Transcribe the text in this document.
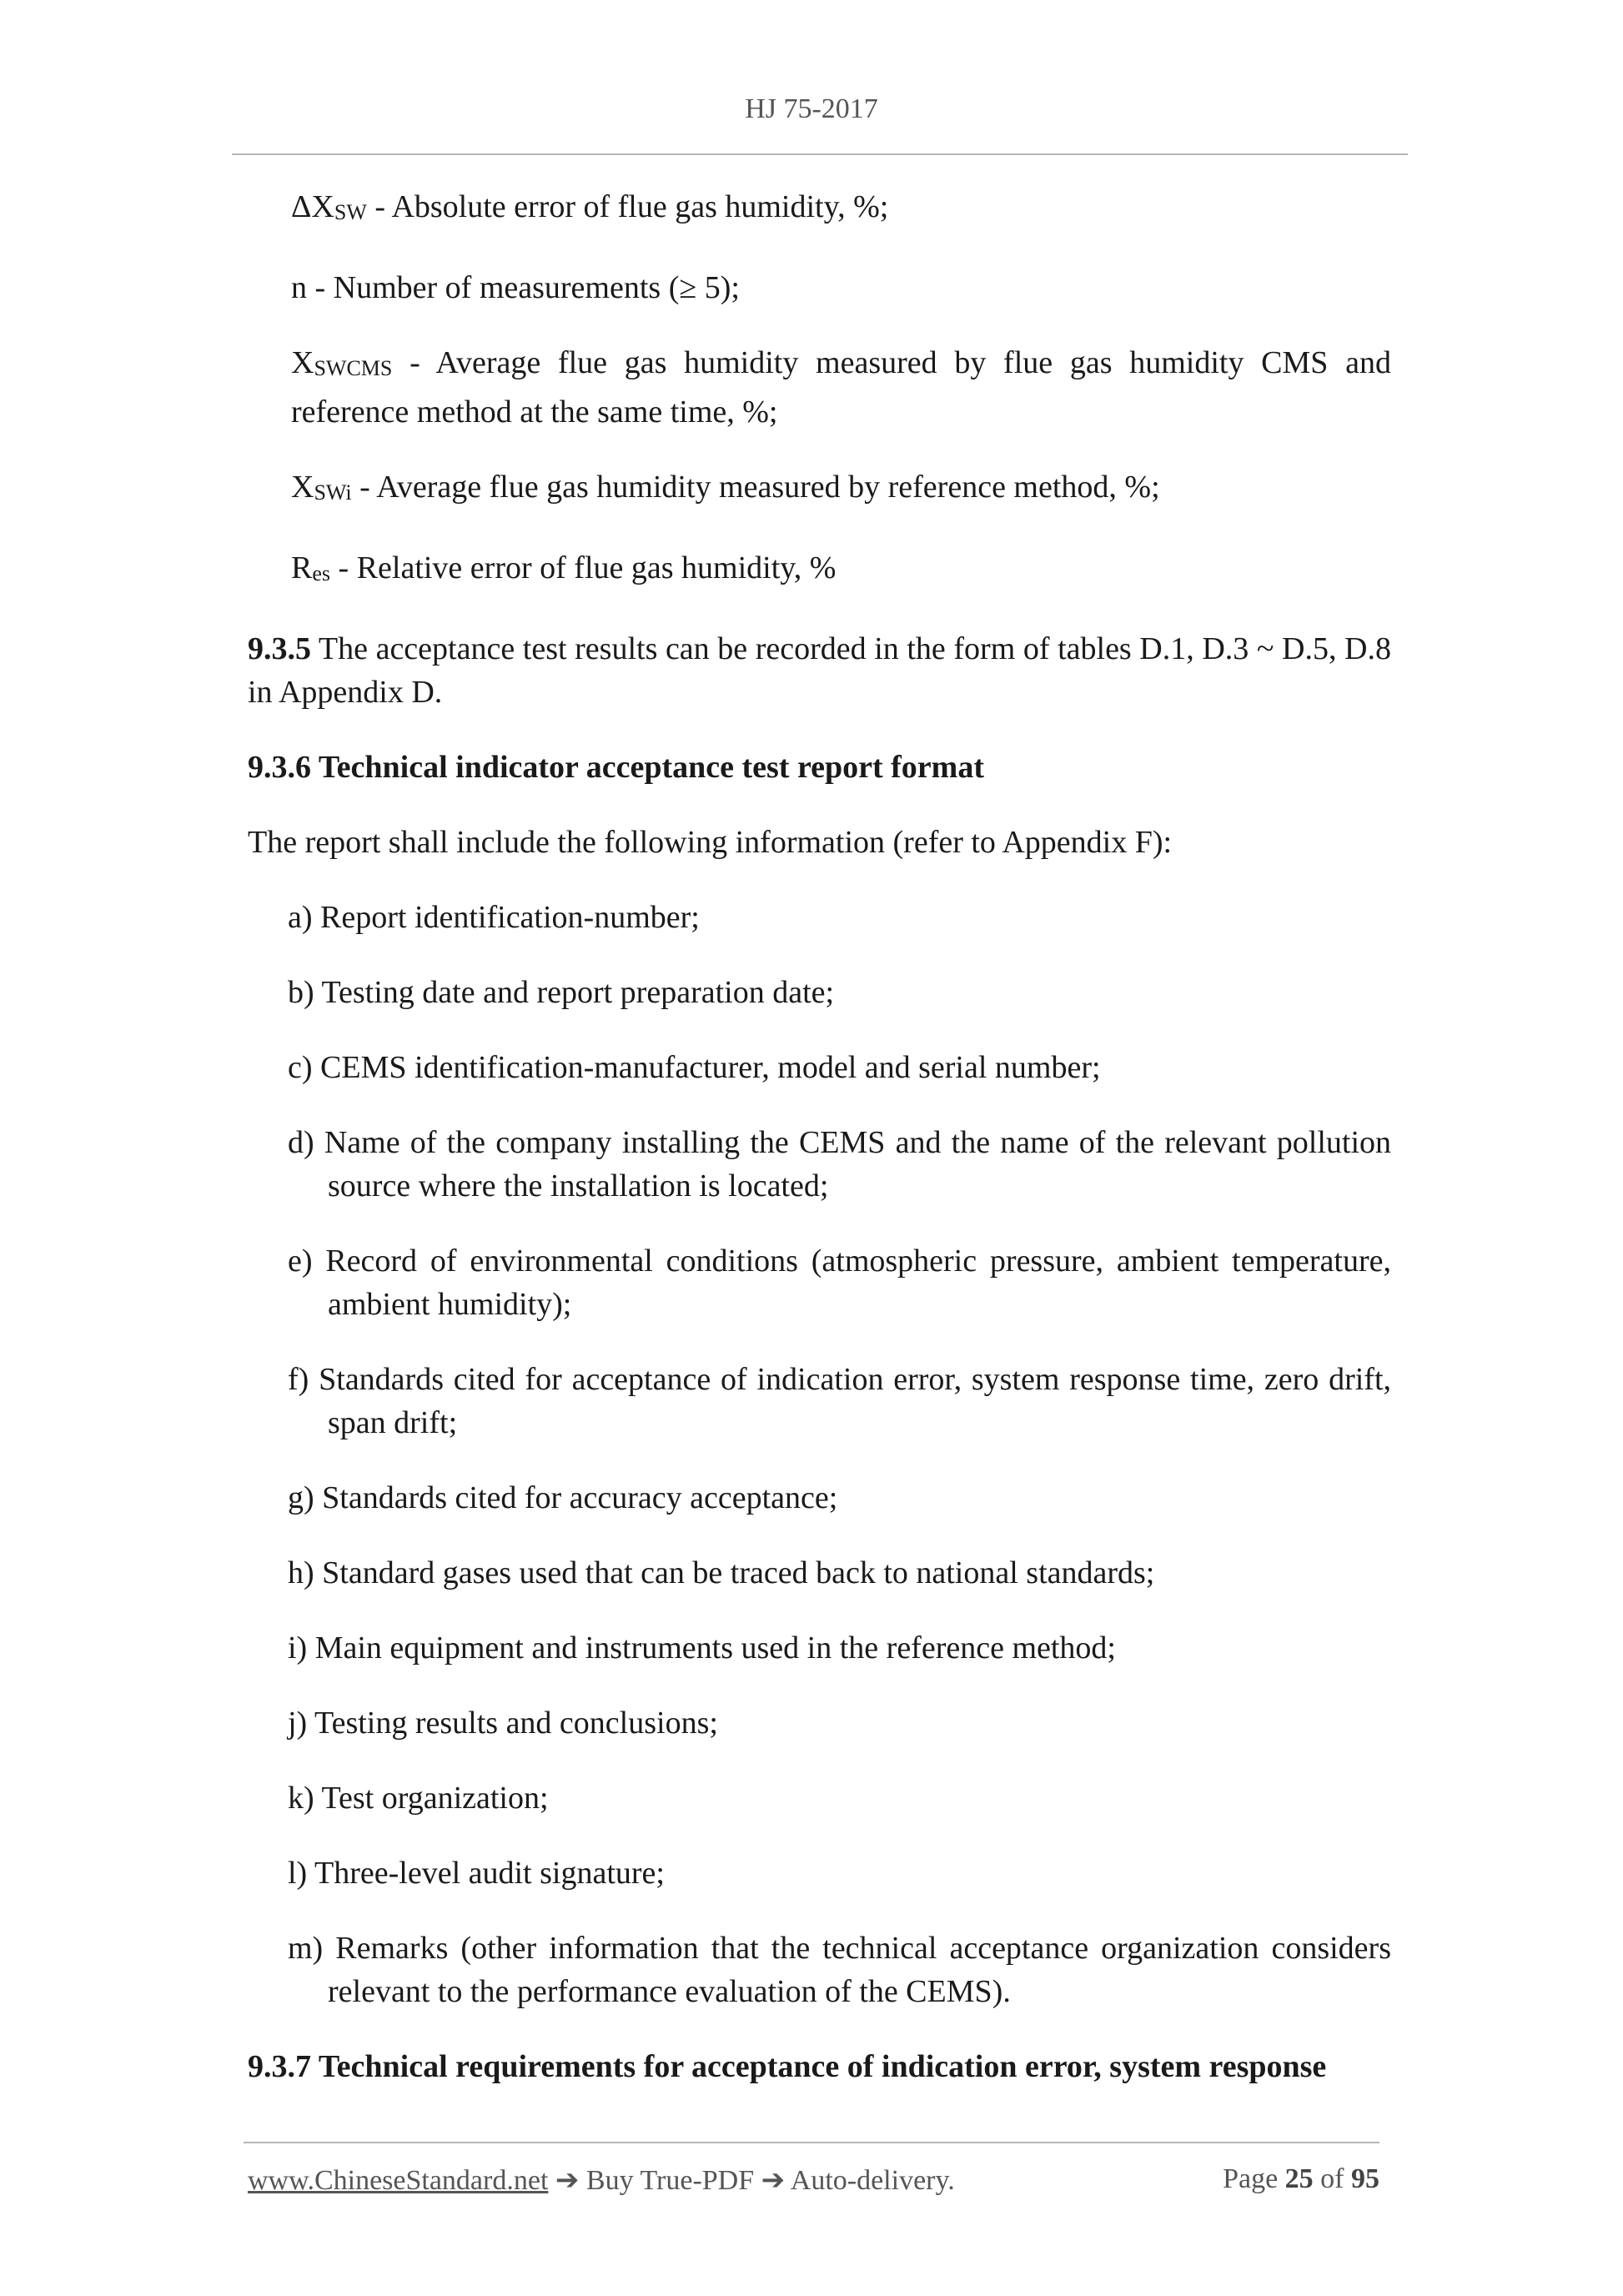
HJ 75-2017

ΔXSW - Absolute error of flue gas humidity, %;

n - Number of measurements (≥ 5);

XSWCMS - Average flue gas humidity measured by flue gas humidity CMS and reference method at the same time, %;

XSWi - Average flue gas humidity measured by reference method, %;

Res - Relative error of flue gas humidity, %

9.3.5 The acceptance test results can be recorded in the form of tables D.1, D.3 ~ D.5, D.8 in Appendix D.

9.3.6 Technical indicator acceptance test report format

The report shall include the following information (refer to Appendix F):

a) Report identification-number;

b) Testing date and report preparation date;

c) CEMS identification-manufacturer, model and serial number;

d) Name of the company installing the CEMS and the name of the relevant pollution source where the installation is located;

e) Record of environmental conditions (atmospheric pressure, ambient temperature, ambient humidity);

f) Standards cited for acceptance of indication error, system response time, zero drift, span drift;

g) Standards cited for accuracy acceptance;

h) Standard gases used that can be traced back to national standards;

i) Main equipment and instruments used in the reference method;

j) Testing results and conclusions;

k) Test organization;

l) Three-level audit signature;

m) Remarks (other information that the technical acceptance organization considers relevant to the performance evaluation of the CEMS).

9.3.7 Technical requirements for acceptance of indication error, system response

www.ChineseStandard.net ➔ Buy True-PDF ➔ Auto-delivery.	Page 25 of 95
